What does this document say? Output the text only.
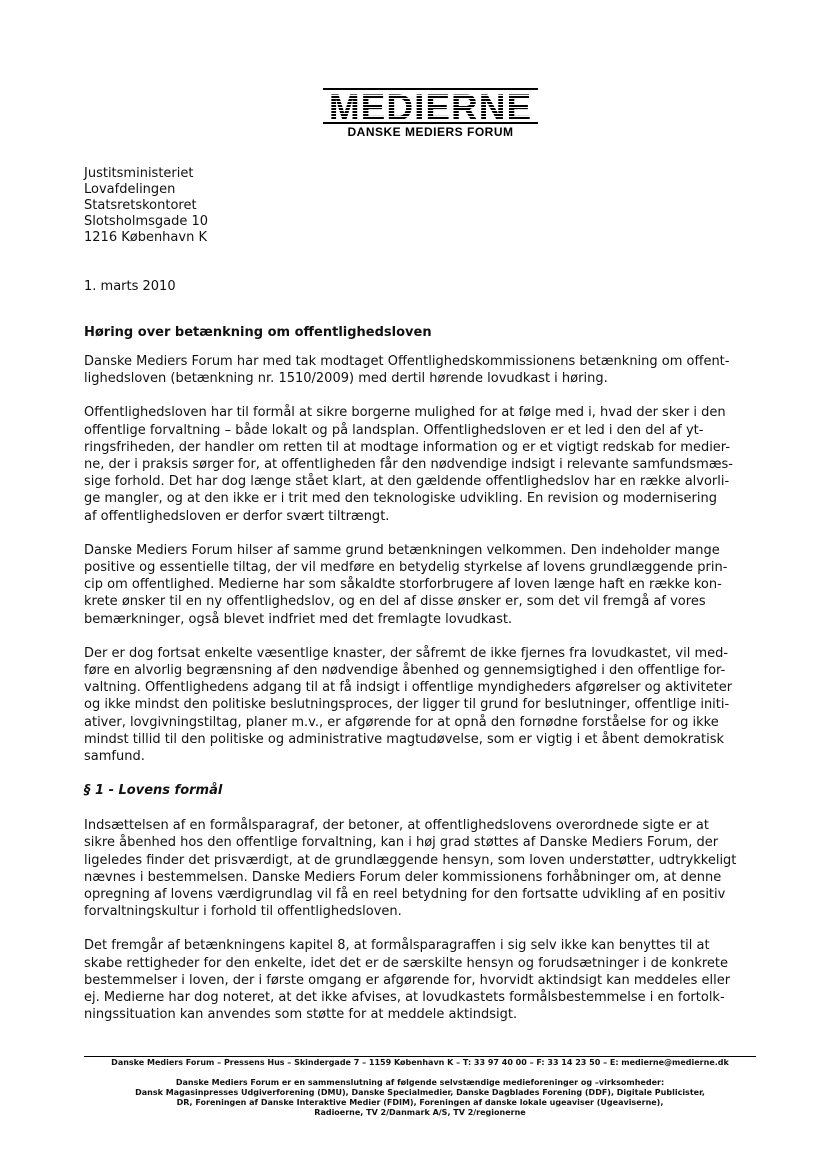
MEDIERNE
DANSKE MEDIERS FORUM
Justitsministeriet
Lovafdelingen
Statsretskontoret
Slotsholmsgade 10
1216 København K
1. marts 2010
Høring over betænkning om offentlighedsloven

Danske Mediers Forum har med tak modtaget Offentlighedskommissionens betænkning om offent-
lighedsloven (betænkning nr. 1510/2009) med dertil hørende lovudkast i høring.

Offentlighedsloven har til formål at sikre borgerne mulighed for at følge med i, hvad der sker i den
offentlige forvaltning – både lokalt og på landsplan. Offentlighedsloven er et led i den del af yt-
ringsfriheden, der handler om retten til at modtage information og er et vigtigt redskab for medier-
ne, der i praksis sørger for, at offentligheden får den nødvendige indsigt i relevante samfundsmæs-
sige forhold. Det har dog længe stået klart, at den gældende offentlighedslov har en række alvorli-
ge mangler, og at den ikke er i trit med den teknologiske udvikling. En revision og modernisering
af offentlighedsloven er derfor svært tiltrængt.

Danske Mediers Forum hilser af samme grund betænkningen velkommen. Den indeholder mange
positive og essentielle tiltag, der vil medføre en betydelig styrkelse af lovens grundlæggende prin-
cip om offentlighed. Medierne har som såkaldte storforbrugere af loven længe haft en række kon-
krete ønsker til en ny offentlighedslov, og en del af disse ønsker er, som det vil fremgå af vores
bemærkninger, også blevet indfriet med det fremlagte lovudkast.

Der er dog fortsat enkelte væsentlige knaster, der såfremt de ikke fjernes fra lovudkastet, vil med-
føre en alvorlig begrænsning af den nødvendige åbenhed og gennemsigtighed i den offentlige for-
valtning. Offentlighedens adgang til at få indsigt i offentlige myndigheders afgørelser og aktiviteter
og ikke mindst den politiske beslutningsproces, der ligger til grund for beslutninger, offentlige initi-
ativer, lovgivningstiltag, planer m.v., er afgørende for at opnå den fornødne forståelse for og ikke
mindst tillid til den politiske og administrative magtudøvelse, som er vigtig i et åbent demokratisk
samfund.

§ 1 - Lovens formål

Indsættelsen af en formålsparagraf, der betoner, at offentlighedslovens overordnede sigte er at
sikre åbenhed hos den offentlige forvaltning, kan i høj grad støttes af Danske Mediers Forum, der
ligeledes finder det prisværdigt, at de grundlæggende hensyn, som loven understøtter, udtrykkeligt
nævnes i bestemmelsen. Danske Mediers Forum deler kommissionens forhåbninger om, at denne
opregning af lovens værdigrundlag vil få en reel betydning for den fortsatte udvikling af en positiv
forvaltningskultur i forhold til offentlighedsloven.

Det fremgår af betænkningens kapitel 8, at formålsparagraffen i sig selv ikke kan benyttes til at
skabe rettigheder for den enkelte, idet det er de særskilte hensyn og forudsætninger i de konkrete
bestemmelser i loven, der i første omgang er afgørende for, hvorvidt aktindsigt kan meddeles eller
ej. Medierne har dog noteret, at det ikke afvises, at lovudkastets formålsbestemmelse i en fortolk-
ningssituation kan anvendes som støtte for at meddele aktindsigt.

Danske Mediers Forum – Pressens Hus – Skindergade 7 – 1159 København K – T: 33 97 40 00 – F: 33 14 23 50 – E: medierne@medierne.dk
Danske Mediers Forum er en sammenslutning af følgende selvstændige medieforeninger og –virksomheder:
Dansk Magasinpresses Udgiverforening (DMU), Danske Specialmedier, Danske Dagblades Forening (DDF), Digitale Publicister,
DR, Foreningen af Danske Interaktive Medier (FDIM), Foreningen af danske lokale ugeaviser (Ugeaviserne),
Radioerne, TV 2/Danmark A/S, TV 2/regionerne
